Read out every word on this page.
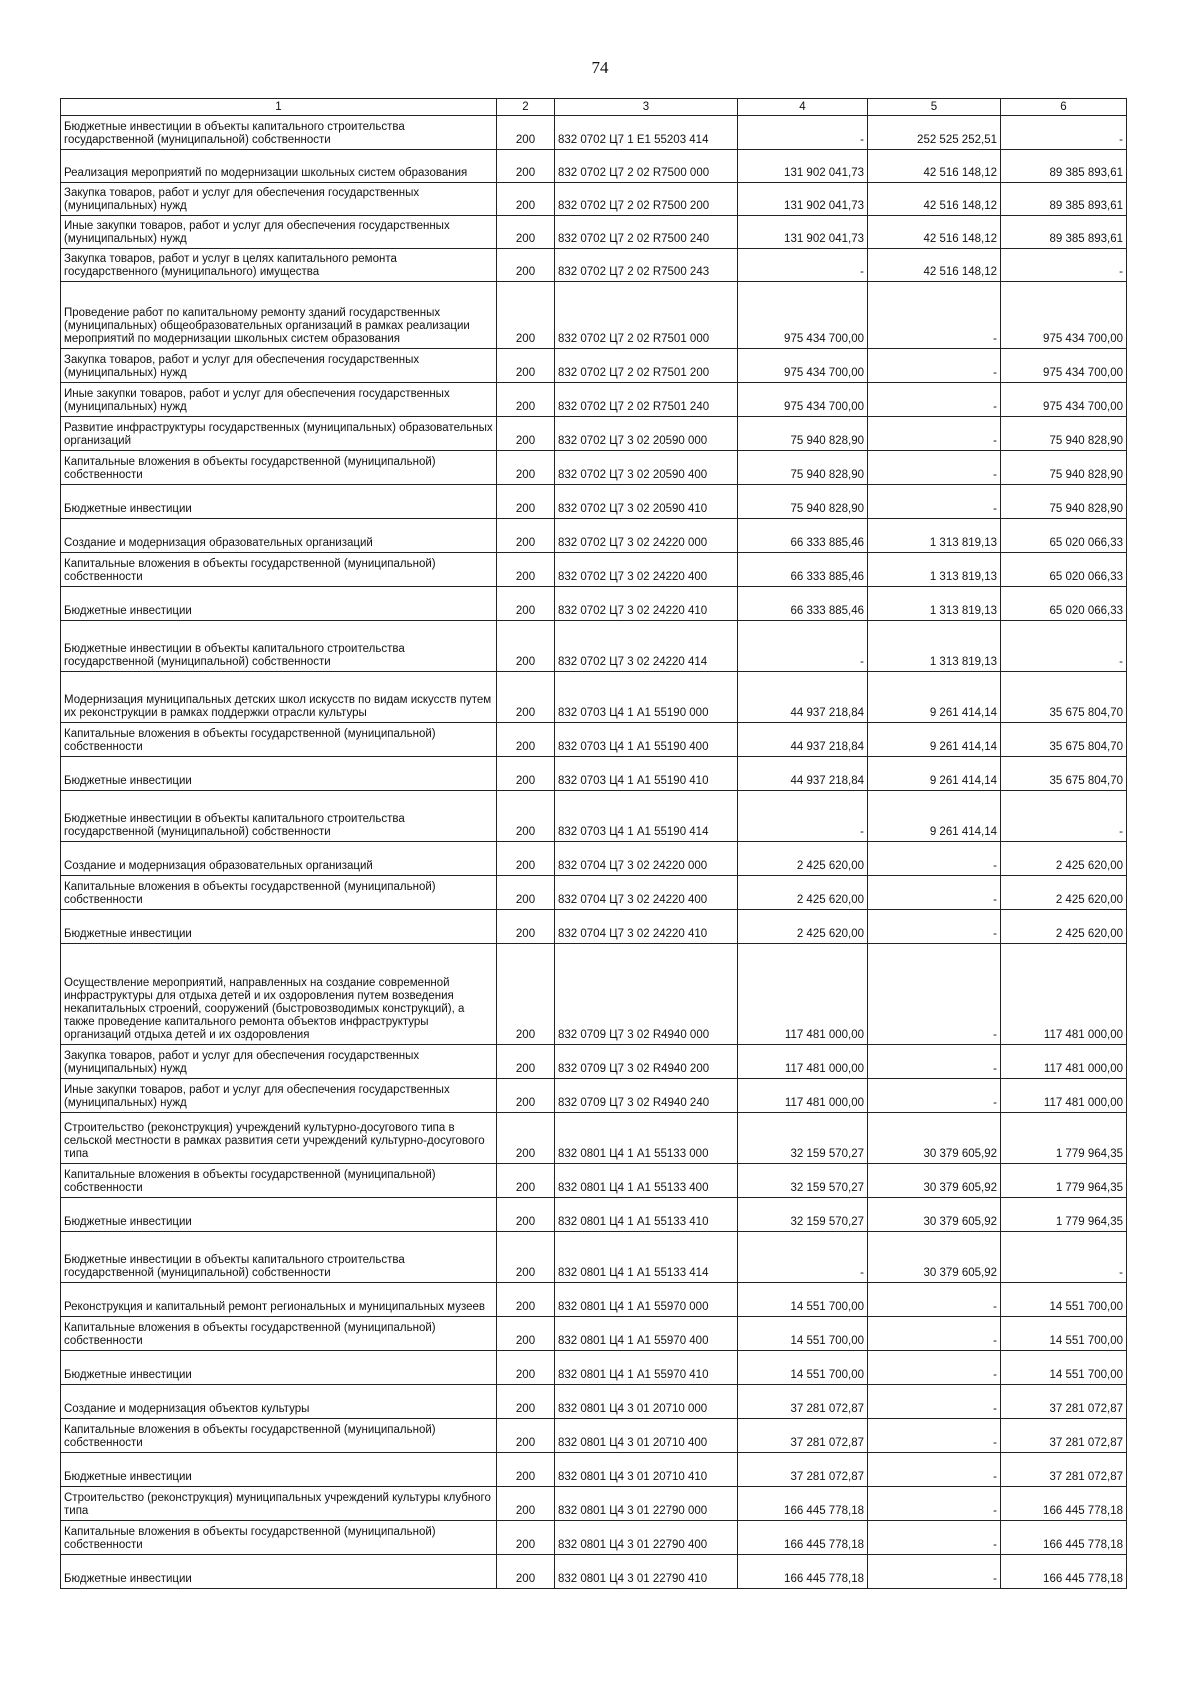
74
1	2	3	4	5	6
Бюджетные инвестиции в объекты капитального строительства государственной (муниципальной) собственности	200	832 0702 Ц7 1 E1 55203 414	-	252 525 252,51	-
Реализация мероприятий по модернизации школьных систем образования	200	832 0702 Ц7 2 02 R7500 000	131 902 041,73	42 516 148,12	89 385 893,61
Закупка товаров, работ и услуг для обеспечения государственных (муниципальных) нужд	200	832 0702 Ц7 2 02 R7500 200	131 902 041,73	42 516 148,12	89 385 893,61
Иные закупки товаров, работ и услуг для обеспечения государственных (муниципальных) нужд	200	832 0702 Ц7 2 02 R7500 240	131 902 041,73	42 516 148,12	89 385 893,61
Закупка товаров, работ и услуг в целях капитального ремонта государственного (муниципального) имущества	200	832 0702 Ц7 2 02 R7500 243	-	42 516 148,12	-
Проведение работ по капитальному ремонту зданий государственных (муниципальных) общеобразовательных организаций в рамках реализации мероприятий по модернизации школьных систем образования	200	832 0702 Ц7 2 02 R7501 000	975 434 700,00	-	975 434 700,00
Закупка товаров, работ и услуг для обеспечения государственных (муниципальных) нужд	200	832 0702 Ц7 2 02 R7501 200	975 434 700,00	-	975 434 700,00
Иные закупки товаров, работ и услуг для обеспечения государственных (муниципальных) нужд	200	832 0702 Ц7 2 02 R7501 240	975 434 700,00	-	975 434 700,00
Развитие инфраструктуры государственных (муниципальных) образовательных организаций	200	832 0702 Ц7 3 02 20590 000	75 940 828,90	-	75 940 828,90
Капитальные вложения в объекты государственной (муниципальной) собственности	200	832 0702 Ц7 3 02 20590 400	75 940 828,90	-	75 940 828,90
Бюджетные инвестиции	200	832 0702 Ц7 3 02 20590 410	75 940 828,90	-	75 940 828,90
Создание и модернизация образовательных организаций	200	832 0702 Ц7 3 02 24220 000	66 333 885,46	1 313 819,13	65 020 066,33
Капитальные вложения в объекты государственной (муниципальной) собственности	200	832 0702 Ц7 3 02 24220 400	66 333 885,46	1 313 819,13	65 020 066,33
Бюджетные инвестиции	200	832 0702 Ц7 3 02 24220 410	66 333 885,46	1 313 819,13	65 020 066,33
Бюджетные инвестиции в объекты капитального строительства государственной (муниципальной) собственности	200	832 0702 Ц7 3 02 24220 414	-	1 313 819,13	-
Модернизация муниципальных детских школ искусств по видам искусств путем их реконструкции в рамках поддержки отрасли культуры	200	832 0703 Ц4 1 A1 55190 000	44 937 218,84	9 261 414,14	35 675 804,70
Капитальные вложения в объекты государственной (муниципальной) собственности	200	832 0703 Ц4 1 A1 55190 400	44 937 218,84	9 261 414,14	35 675 804,70
Бюджетные инвестиции	200	832 0703 Ц4 1 A1 55190 410	44 937 218,84	9 261 414,14	35 675 804,70
Бюджетные инвестиции в объекты капитального строительства государственной (муниципальной) собственности	200	832 0703 Ц4 1 A1 55190 414	-	9 261 414,14	-
Создание и модернизация образовательных организаций	200	832 0704 Ц7 3 02 24220 000	2 425 620,00	-	2 425 620,00
Капитальные вложения в объекты государственной (муниципальной) собственности	200	832 0704 Ц7 3 02 24220 400	2 425 620,00	-	2 425 620,00
Бюджетные инвестиции	200	832 0704 Ц7 3 02 24220 410	2 425 620,00	-	2 425 620,00
Осуществление мероприятий, направленных на создание современной инфраструктуры для отдыха детей и их оздоровления путем возведения некапитальных строений, сооружений (быстровозводимых конструкций), а также проведение капитального ремонта объектов инфраструктуры организаций отдыха детей и их оздоровления	200	832 0709 Ц7 3 02 R4940 000	117 481 000,00	-	117 481 000,00
Закупка товаров, работ и услуг для обеспечения государственных (муниципальных) нужд	200	832 0709 Ц7 3 02 R4940 200	117 481 000,00	-	117 481 000,00
Иные закупки товаров, работ и услуг для обеспечения государственных (муниципальных) нужд	200	832 0709 Ц7 3 02 R4940 240	117 481 000,00	-	117 481 000,00
Строительство (реконструкция) учреждений культурно-досугового типа в сельской местности в рамках развития сети учреждений культурно-досугового типа	200	832 0801 Ц4 1 A1 55133 000	32 159 570,27	30 379 605,92	1 779 964,35
Капитальные вложения в объекты государственной (муниципальной) собственности	200	832 0801 Ц4 1 A1 55133 400	32 159 570,27	30 379 605,92	1 779 964,35
Бюджетные инвестиции	200	832 0801 Ц4 1 A1 55133 410	32 159 570,27	30 379 605,92	1 779 964,35
Бюджетные инвестиции в объекты капитального строительства государственной (муниципальной) собственности	200	832 0801 Ц4 1 A1 55133 414	-	30 379 605,92	-
Реконструкция и капитальный ремонт региональных и муниципальных музеев	200	832 0801 Ц4 1 A1 55970 000	14 551 700,00	-	14 551 700,00
Капитальные вложения в объекты государственной (муниципальной) собственности	200	832 0801 Ц4 1 A1 55970 400	14 551 700,00	-	14 551 700,00
Бюджетные инвестиции	200	832 0801 Ц4 1 A1 55970 410	14 551 700,00	-	14 551 700,00
Создание и модернизация объектов культуры	200	832 0801 Ц4 3 01 20710 000	37 281 072,87	-	37 281 072,87
Капитальные вложения в объекты государственной (муниципальной) собственности	200	832 0801 Ц4 3 01 20710 400	37 281 072,87	-	37 281 072,87
Бюджетные инвестиции	200	832 0801 Ц4 3 01 20710 410	37 281 072,87	-	37 281 072,87
Строительство (реконструкция) муниципальных учреждений культуры клубного типа	200	832 0801 Ц4 3 01 22790 000	166 445 778,18	-	166 445 778,18
Капитальные вложения в объекты государственной (муниципальной) собственности	200	832 0801 Ц4 3 01 22790 400	166 445 778,18	-	166 445 778,18
Бюджетные инвестиции	200	832 0801 Ц4 3 01 22790 410	166 445 778,18	-	166 445 778,18
